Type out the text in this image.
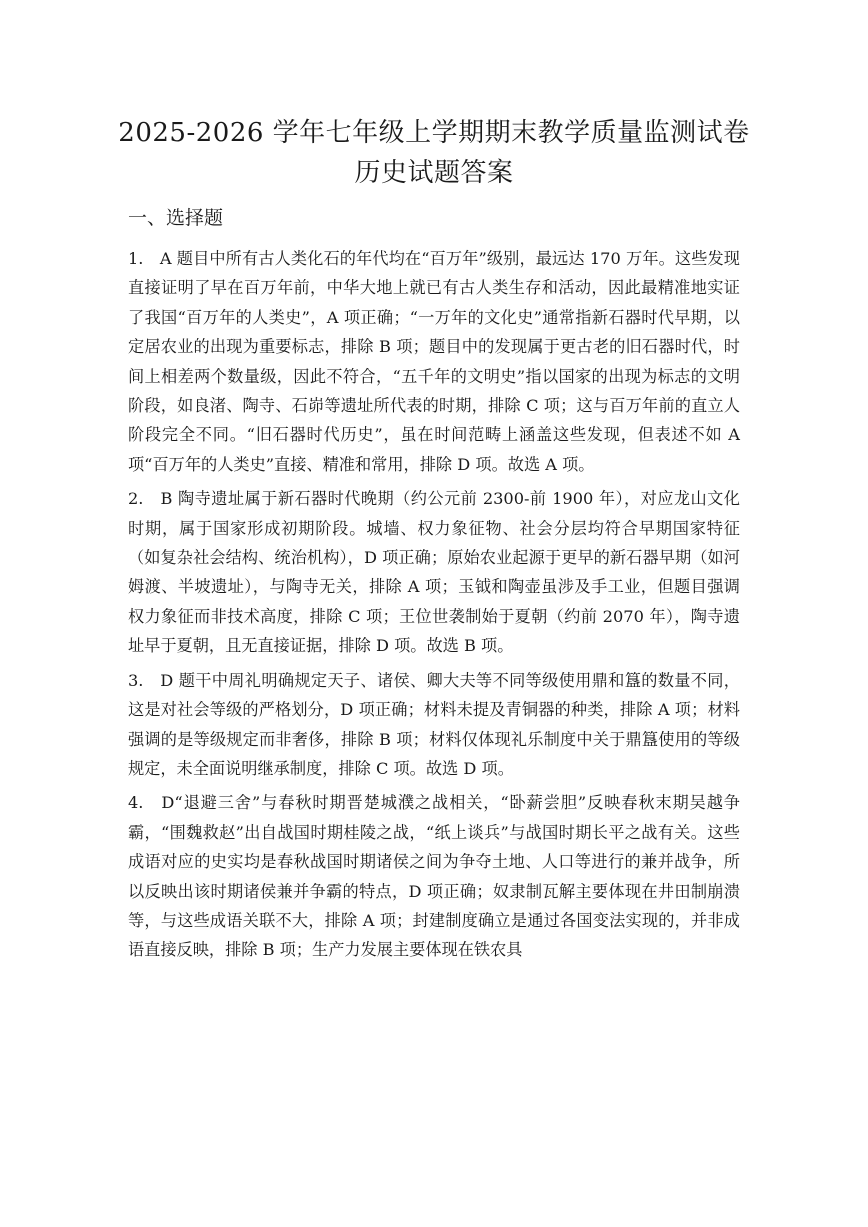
2025-2026 学年七年级上学期期末教学质量监测试卷
历史试题答案
一、选择题

1.　A 题目中所有古人类化石的年代均在“百万年”级别，最远达 170 万年。这些发现直接证明了早在百万年前，中华大地上就已有古人类生存和活动，因此最精准地实证了我国“百万年的人类史”，A 项正确；“一万年的文化史”通常指新石器时代早期，以定居农业的出现为重要标志，排除 B 项；题目中的发现属于更古老的旧石器时代，时间上相差两个数量级，因此不符合，“五千年的文明史”指以国家的出现为标志的文明阶段，如良渚、陶寺、石峁等遗址所代表的时期，排除 C 项；这与百万年前的直立人阶段完全不同。“旧石器时代历史”，虽在时间范畴上涵盖这些发现，但表述不如 A 项“百万年的人类史”直接、精准和常用，排除 D 项。故选 A 项。

2.　B 陶寺遗址属于新石器时代晚期（约公元前 2300-前 1900 年），对应龙山文化时期，属于国家形成初期阶段。城墙、权力象征物、社会分层均符合早期国家特征（如复杂社会结构、统治机构），D 项正确；原始农业起源于更早的新石器早期（如河姆渡、半坡遗址），与陶寺无关，排除 A 项；玉钺和陶壶虽涉及手工业，但题目强调权力象征而非技术高度，排除 C 项；王位世袭制始于夏朝（约前 2070 年），陶寺遗址早于夏朝，且无直接证据，排除 D 项。故选 B 项。

3.　D 题干中周礼明确规定天子、诸侯、卿大夫等不同等级使用鼎和簋的数量不同，这是对社会等级的严格划分，D 项正确；材料未提及青铜器的种类，排除 A 项；材料强调的是等级规定而非奢侈，排除 B 项；材料仅体现礼乐制度中关于鼎簋使用的等级规定，未全面说明继承制度，排除 C 项。故选 D 项。

4.　D“退避三舍”与春秋时期晋楚城濮之战相关，“卧薪尝胆”反映春秋末期吴越争霸，“围魏救赵”出自战国时期桂陵之战，“纸上谈兵”与战国时期长平之战有关。这些成语对应的史实均是春秋战国时期诸侯之间为争夺土地、人口等进行的兼并战争，所以反映出该时期诸侯兼并争霸的特点，D 项正确；奴隶制瓦解主要体现在井田制崩溃等，与这些成语关联不大，排除 A 项；封建制度确立是通过各国变法实现的，并非成语直接反映，排除 B 项；生产力发展主要体现在铁农具
